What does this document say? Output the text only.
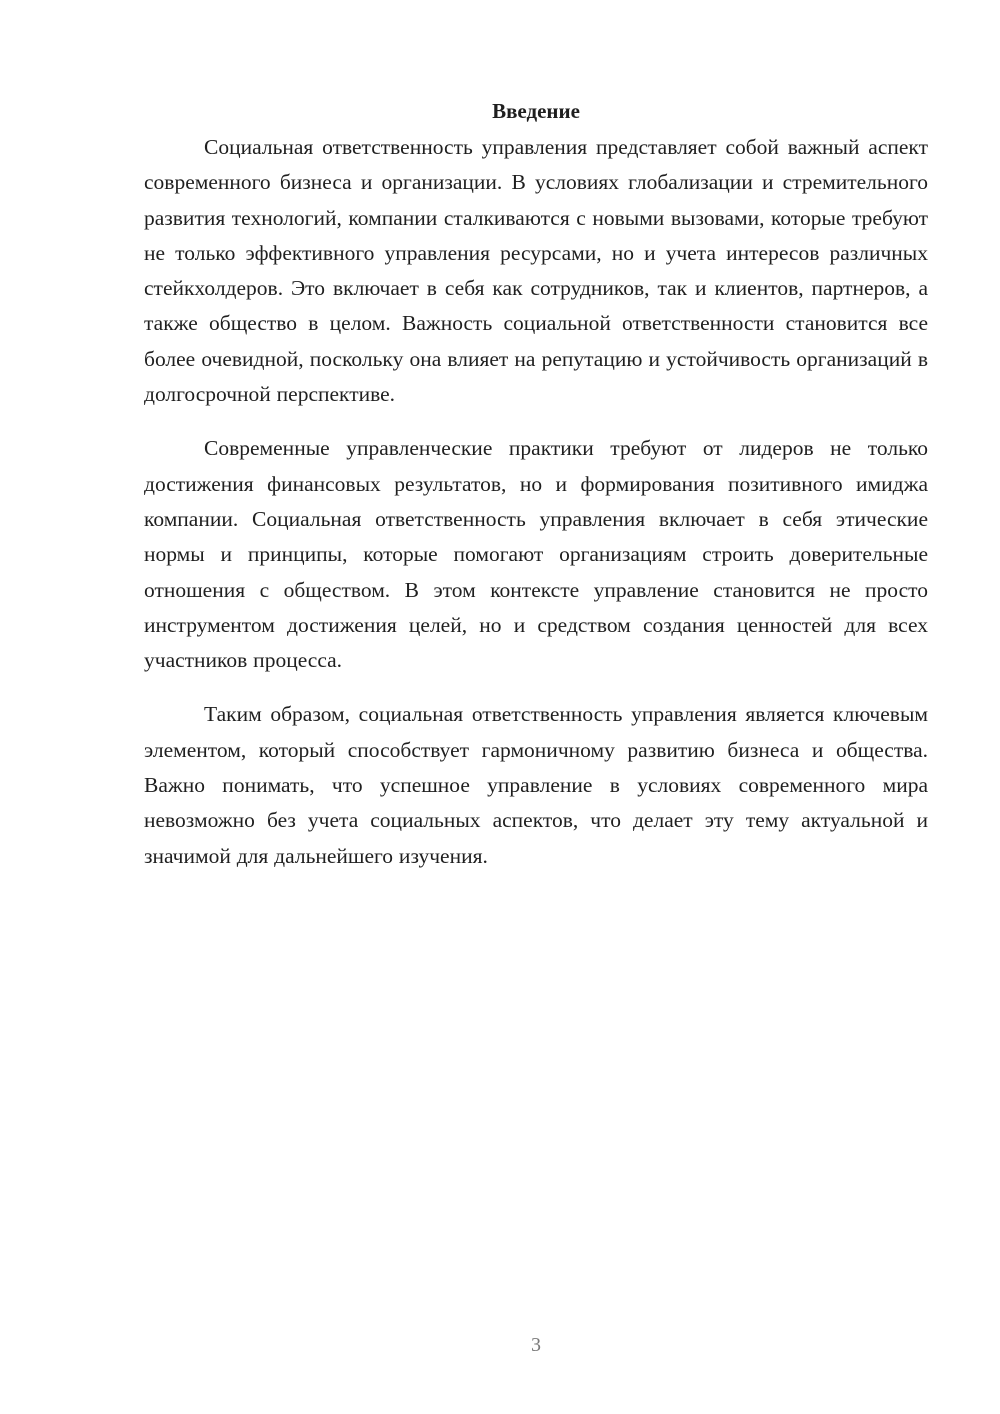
Введение

Социальная ответственность управления представляет собой важный аспект современного бизнеса и организации. В условиях глобализации и стремительного развития технологий, компании сталкиваются с новыми вызовами, которые требуют не только эффективного управления ресурсами, но и учета интересов различных стейкхолдеров. Это включает в себя как сотрудников, так и клиентов, партнеров, а также общество в целом. Важность социальной ответственности становится все более очевидной, поскольку она влияет на репутацию и устойчивость организаций в долгосрочной перспективе.

Современные управленческие практики требуют от лидеров не только достижения финансовых результатов, но и формирования позитивного имиджа компании. Социальная ответственность управления включает в себя этические нормы и принципы, которые помогают организациям строить доверительные отношения с обществом. В этом контексте управление становится не просто инструментом достижения целей, но и средством создания ценностей для всех участников процесса.

Таким образом, социальная ответственность управления является ключевым элементом, который способствует гармоничному развитию бизнеса и общества. Важно понимать, что успешное управление в условиях современного мира невозможно без учета социальных аспектов, что делает эту тему актуальной и значимой для дальнейшего изучения.

3
